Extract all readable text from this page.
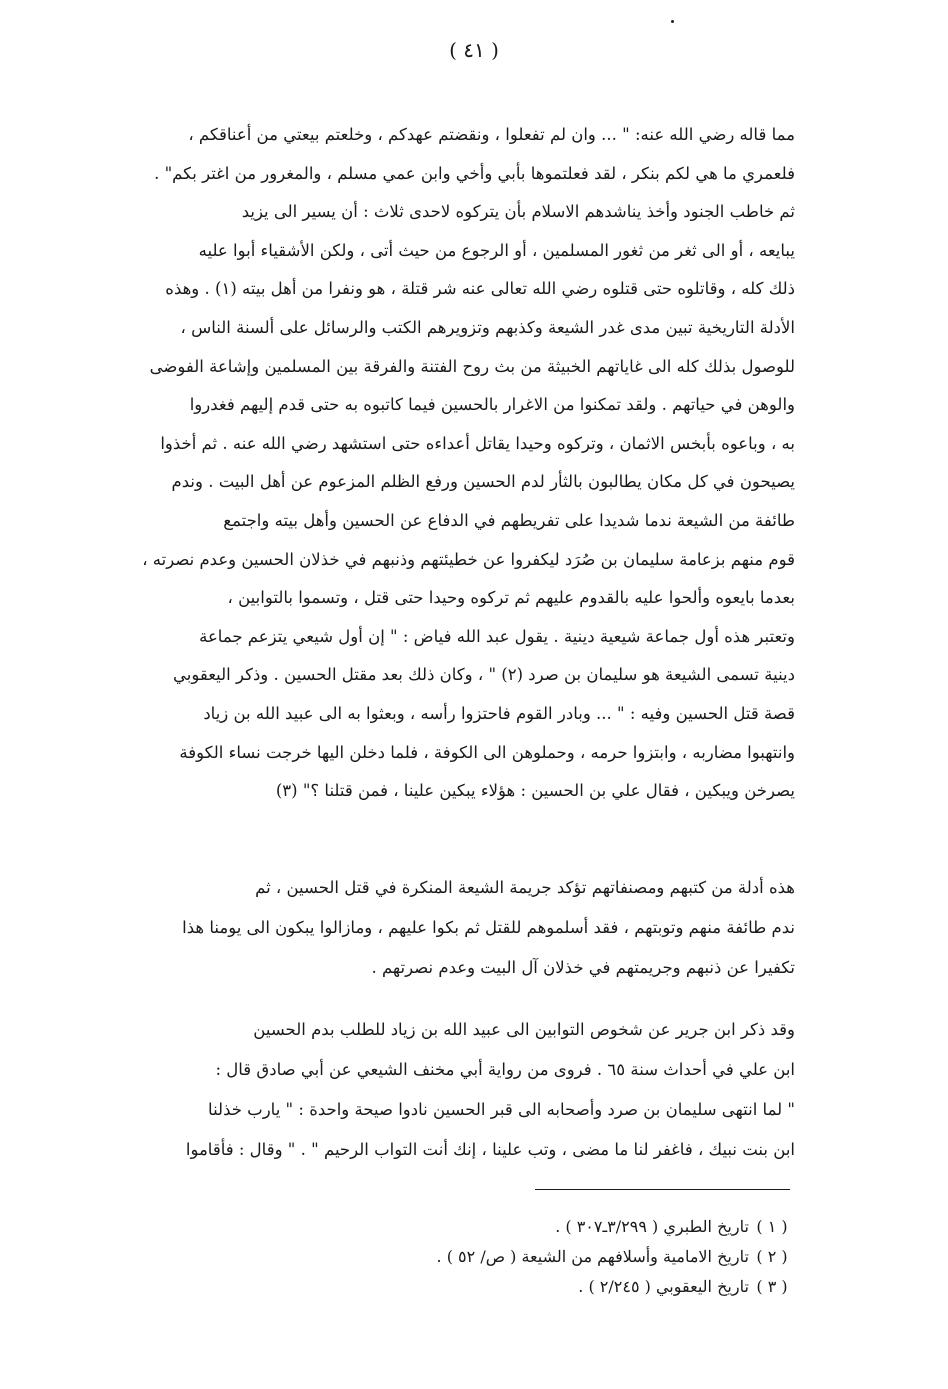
( ٤١ )
مما قاله رضي الله عنه: " ... وان لم تفعلوا ، ونقضتم عهدكم ، وخلعتم بيعتي من أعناقكم ،
فلعمري ما هي لكم بنكر ، لقد فعلتموها بأبي وأخي وابن عمي مسلم ، والمغرور من اغتر بكم" .
ثم خاطب الجنود وأخذ يناشدهم الاسلام بأن يتركوه لاحدى ثلاث : أن يسير الى يزيد
يبايعه ، أو الى ثغر من ثغور المسلمين ، أو الرجوع من حيث أتى ، ولكن الأشقياء أبوا عليه
ذلك كله ، وقاتلوه حتى قتلوه رضي الله تعالى عنه شر قتلة ، هو ونفرا من أهل بيته (١) . وهذه
الأدلة التاريخية تبين مدى غدر الشيعة وكذبهم وتزويرهم الكتب والرسائل على ألسنة الناس ،
للوصول بذلك كله الى غاياتهم الخبيثة من بث روح الفتنة والفرقة بين المسلمين وإشاعة الفوضى
والوهن في حياتهم . ولقد تمكنوا من الاغرار بالحسين فيما كاتبوه به حتى قدم إليهم فغدروا
به ، وباعوه بأبخس الاثمان ، وتركوه وحيدا يقاتل أعداءه حتى استشهد رضي الله عنه . ثم أخذوا
يصيحون في كل مكان يطالبون بالثأر لدم الحسين ورفع الظلم المزعوم عن أهل البيت . وندم
طائفة من الشيعة ندما شديدا على تفريطهم في الدفاع عن الحسين وأهل بيته واجتمع
قوم منهم بزعامة سليمان بن صُرَد ليكفروا عن خطيئتهم وذنبهم في خذلان الحسين وعدم نصرته ،
بعدما بايعوه وألحوا عليه بالقدوم عليهم ثم تركوه وحيدا حتى قتل ، وتسموا بالتوابين ،
وتعتبر هذه أول جماعة شيعية دينية . يقول عبد الله فياض : " إن أول شيعي يتزعم جماعة
دينية تسمى الشيعة هو سليمان بن صرد (٢) " ، وكان ذلك بعد مقتل الحسين . وذكر اليعقوبي
قصة قتل الحسين وفيه : " ... وبادر القوم فاحتزوا رأسه ، وبعثوا به الى عبيد الله بن زياد
وانتهبوا مضاربه ، وابتزوا حرمه ، وحملوهن الى الكوفة ، فلما دخلن اليها خرجت نساء الكوفة
يصرخن ويبكين ، فقال علي بن الحسين : هؤلاء يبكين علينا ، فمن قتلنا ؟" (٣)
هذه أدلة من كتبهم ومصنفاتهم تؤكد جريمة الشيعة المنكرة في قتل الحسين ، ثم
ندم طائفة منهم وتوبتهم ، فقد أسلموهم للقتل ثم بكوا عليهم ، ومازالوا يبكون الى يومنا هذا
تكفيرا عن ذنبهم وجريمتهم في خذلان آل البيت وعدم نصرتهم .
وقد ذكر ابن جرير عن شخوص التوابين الى عبيد الله بن زياد للطلب بدم الحسين
ابن علي في أحداث سنة ٦٥ . فروى من رواية أبي مخنف الشيعي عن أبي صادق قال :
" لما انتهى سليمان بن صرد وأصحابه الى قبر الحسين نادوا صيحة واحدة : " يارب خذلنا
ابن بنت نبيك ، فاغفر لنا ما مضى ، وتب علينا ، إنك أنت التواب الرحيم " . " وقال : فأقاموا
( ١ ) تاريخ الطبري ( ٣/٢٩٩ـ٣٠٧ ) .
( ٢ ) تاريخ الامامية وأسلافهم من الشيعة ( ص/ ٥٢ ) .
( ٣ ) تاريخ اليعقوبي ( ٢/٢٤٥ ) .
